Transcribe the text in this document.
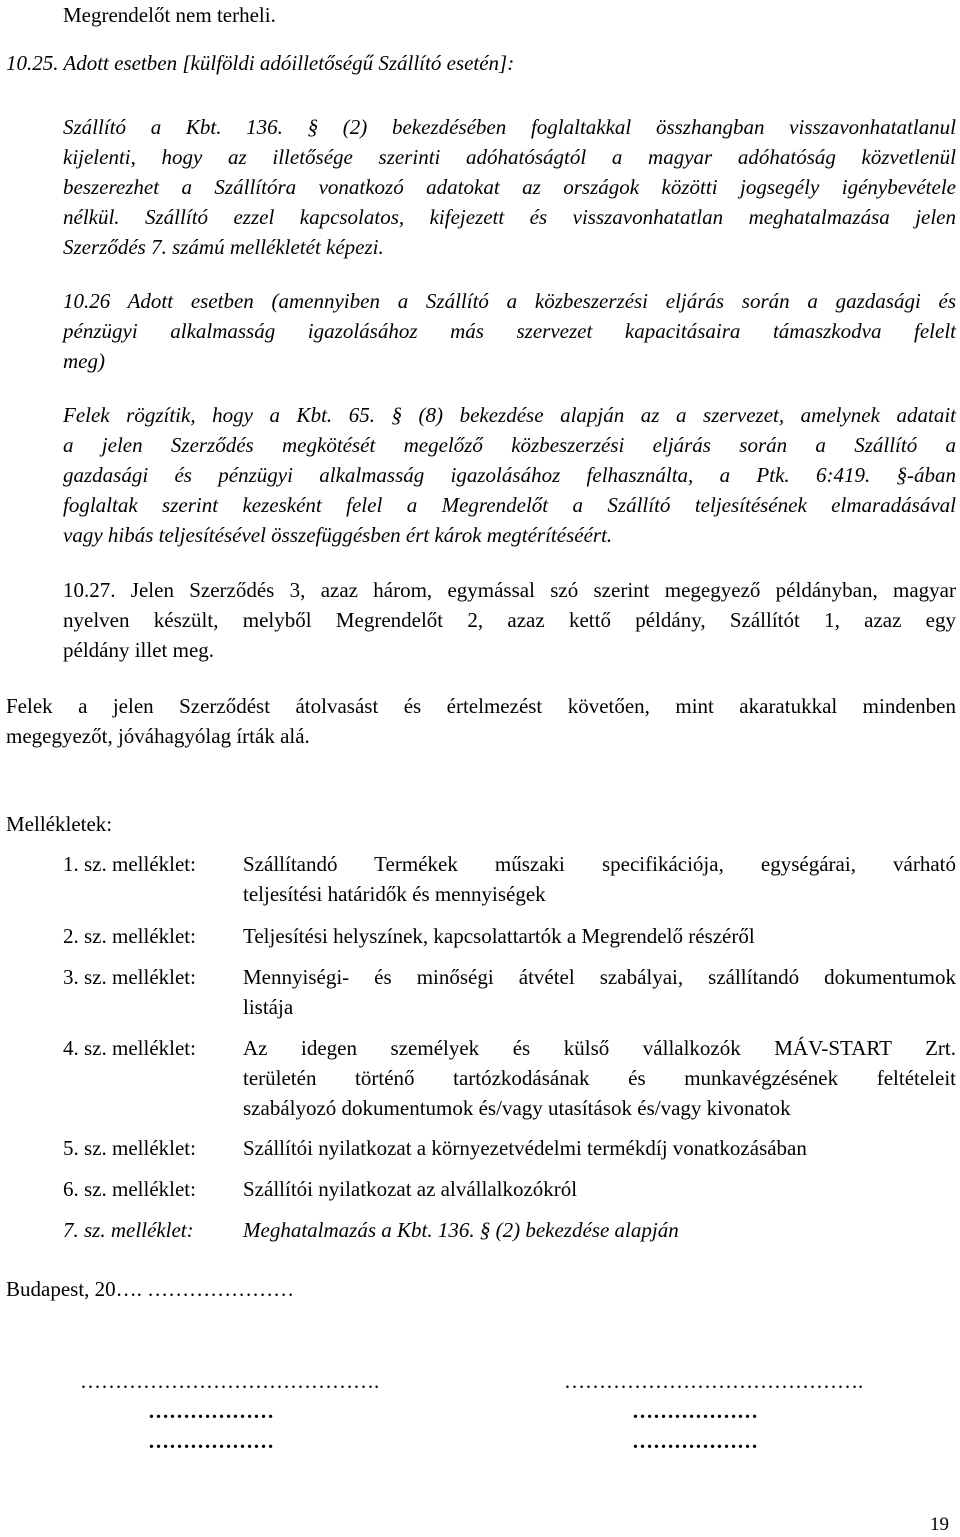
Megrendelőt nem terheli.
10.25. Adott esetben [külföldi adóilletőségű Szállító esetén]:
Szállító a Kbt. 136. § (2) bekezdésében foglaltakkal összhangban visszavonhatatlanul
kijelenti, hogy az illetősége szerinti adóhatóságtól a magyar adóhatóság közvetlenül
beszerezhet a Szállítóra vonatkozó adatokat az országok közötti jogsegély igénybevétele
nélkül. Szállító ezzel kapcsolatos, kifejezett és visszavonhatatlan meghatalmazása jelen
Szerződés 7. számú mellékletét képezi.
10.26 Adott esetben (amennyiben a Szállító a közbeszerzési eljárás során a gazdasági és
pénzügyi alkalmasság igazolásához más szervezet kapacitásaira támaszkodva felelt
meg)
Felek rögzítik, hogy a Kbt. 65. § (8) bekezdése alapján az a szervezet, amelynek adatait
a jelen Szerződés megkötését megelőző közbeszerzési eljárás során a Szállító a
gazdasági és pénzügyi alkalmasság igazolásához felhasználta, a Ptk. 6:419. §-ában
foglaltak szerint kezesként felel a Megrendelőt a Szállító teljesítésének elmaradásával
vagy hibás teljesítésével összefüggésben ért károk megtérítéséért.
10.27. Jelen Szerződés 3, azaz három, egymással szó szerint megegyező példányban, magyar
nyelven készült, melyből Megrendelőt 2, azaz kettő példány, Szállítót 1, azaz egy
példány illet meg.
Felek a jelen Szerződést átolvasást és értelmezést követően, mint akaratukkal mindenben
megegyezőt, jóváhagyólag írták alá.
Mellékletek:
1. sz. melléklet: Szállítandó Termékek műszaki specifikációja, egységárai, várható
teljesítési határidők és mennyiségek
2. sz. melléklet: Teljesítési helyszínek, kapcsolattartók a Megrendelő részéről
3. sz. melléklet: Mennyiségi- és minőségi átvétel szabályai, szállítandó dokumentumok
listája
4. sz. melléklet: Az idegen személyek és külső vállalkozók MÁV-START Zrt.
területén történő tartózkodásának és munkavégzésének feltételeit
szabályozó dokumentumok és/vagy utasítások és/vagy kivonatok
5. sz. melléklet: Szállítói nyilatkozat a környezetvédelmi termékdíj vonatkozásában
6. sz. melléklet: Szállítói nyilatkozat az alvállalkozókról
7. sz. melléklet: Meghatalmazás a Kbt. 136. § (2) bekezdése alapján
Budapest, 20…. …………………
…………………………………….
………………
………………
…………………………………….
………………
………………
19
